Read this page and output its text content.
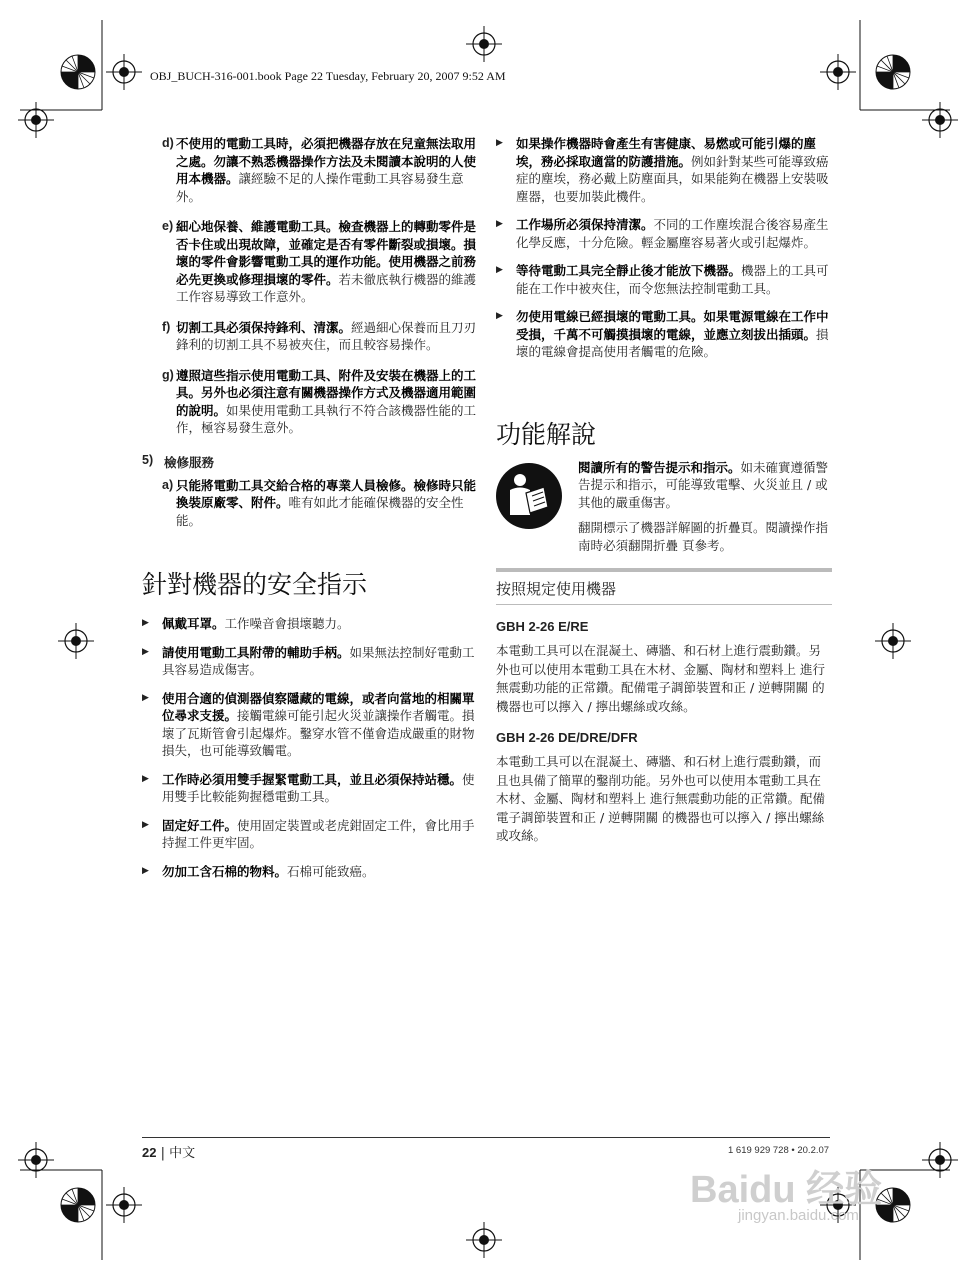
OBJ_BUCH-316-001.book Page 22 Tuesday, February 20, 2007 9:52 AM
d) 不使用的電動工具時，必須把機器存放在兒童無法取用之處。勿讓不熟悉機器操作方法及未閱讀本說明的人使用本機器。讓經驗不足的人操作電動工具容易發生意外。

e) 細心地保養、維護電動工具。檢查機器上的轉動零件是否卡住或出現故障，並確定是否有零件斷裂或損壞。損壞的零件會影響電動工具的運作功能。使用機器之前務必先更換或修理損壞的零件。若未徹底執行機器的維護工作容易導致工作意外。

f) 切割工具必須保持鋒利、清潔。經過細心保養而且刀刃鋒利的切割工具不易被夾住，而且較容易操作。

g) 遵照這些指示使用電動工具、附件及安裝在機器上的工具。另外也必須注意有關機器操作方式及機器適用範圍的說明。如果使用電動工具執行不符合該機器性能的工作，極容易發生意外。

5) 檢修服務
a) 只能將電動工具交給合格的專業人員檢修。檢修時只能換裝原廠零、附件。唯有如此才能確保機器的安全性能。

針對機器的安全指示
▶ 佩戴耳罩。工作噪音會損壞聽力。
▶ 請使用電動工具附帶的輔助手柄。如果無法控制好電動工具容易造成傷害。
▶ 使用合適的偵測器偵察隱藏的電線，或者向當地的相關單位尋求支援。接觸電線可能引起火災並讓操作者觸電。損壞了瓦斯管會引起爆炸。鑿穿水管不僅會造成嚴重的財物損失，也可能導致觸電。
▶ 工作時必須用雙手握緊電動工具，並且必須保持站穩。使用雙手比較能夠握穩電動工具。
▶ 固定好工件。使用固定裝置或老虎鉗固定工件，會比用手持握工件更牢固。
▶ 勿加工含石棉的物料。石棉可能致癌。
▶ 如果操作機器時會產生有害健康、易燃或可能引爆的塵埃，務必採取適當的防護措施。例如針對某些可能導致癌症的塵埃，務必戴上防塵面具，如果能夠在機器上安裝吸塵器，也要加裝此機件。
▶ 工作場所必須保持清潔。不同的工作塵埃混合後容易產生化學反應，十分危險。輕金屬塵容易著火或引起爆炸。
▶ 等待電動工具完全靜止後才能放下機器。機器上的工具可能在工作中被夾住，而令您無法控制電動工具。
▶ 勿使用電線已經損壞的電動工具。如果電源電線在工作中受損，千萬不可觸摸損壞的電線，並應立刻拔出插頭。損壞的電線會提高使用者觸電的危險。
功能解說

閱讀所有的警告提示和指示。如未確實遵循警告提示和指示，可能導致電擊、火災並且 / 或其他的嚴重傷害。

翻開標示了機器詳解圖的折疊頁。閱讀操作指南時必須翻開折疊 頁參考。

按照規定使用機器
GBH 2-26 E/RE

本電動工具可以在混凝土、磚牆、和石材上進行震動鑽。另外也可以使用本電動工具在木材、金屬、陶材和塑料上 進行無震動功能的正常鑽。配備電子調節裝置和正 / 逆轉開關 的機器也可以擰入 / 擰出螺絲或攻絲。

GBH 2-26 DE/DRE/DFR

本電動工具可以在混凝土、磚牆、和石材上進行震動鑽，而且也具備了簡單的鑿削功能。另外也可以使用本電動工具在木材、金屬、陶材和塑料上 進行無震動功能的正常鑽。配備電子調節裝置和正 / 逆轉開關 的機器也可以擰入 / 擰出螺絲或攻絲。

22 | 中文	1 619 929 728 • 20.2.07
Baidu 经验
jingyan.baidu.com
